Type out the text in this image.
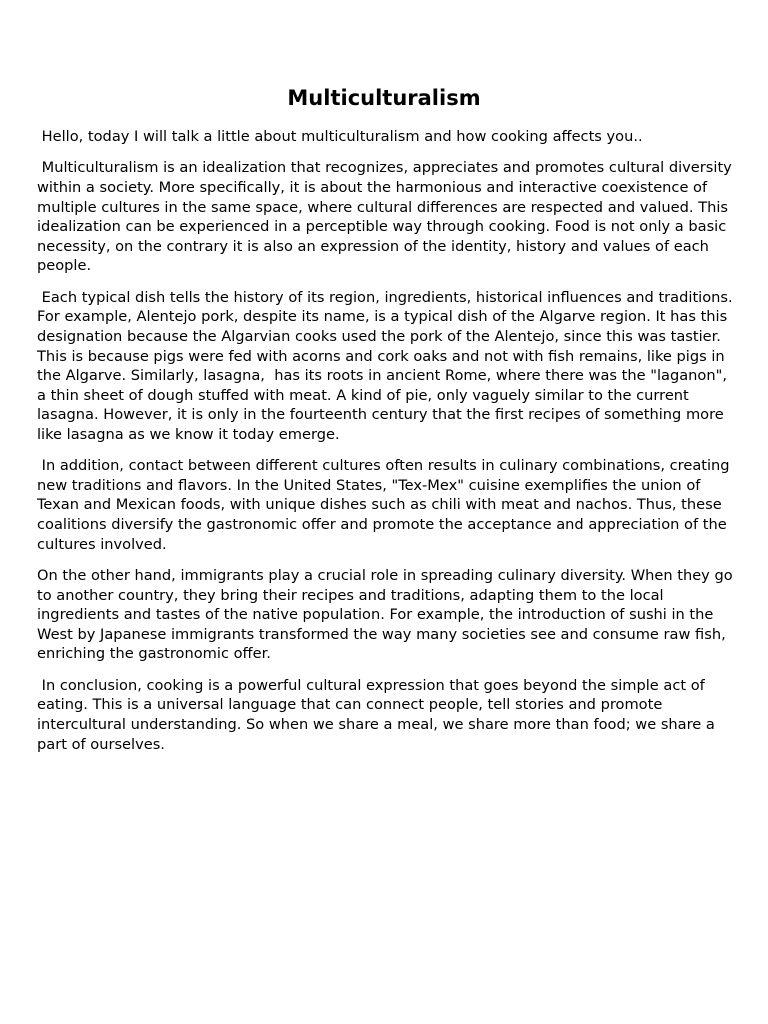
Multiculturalism

Hello, today I will talk a little about multiculturalism and how cooking affects you..

Multiculturalism is an idealization that recognizes, appreciates and promotes cultural diversity within a society. More specifically, it is about the harmonious and interactive coexistence of multiple cultures in the same space, where cultural differences are respected and valued. This idealization can be experienced in a perceptible way through cooking. Food is not only a basic necessity, on the contrary it is also an expression of the identity, history and values of each people.

Each typical dish tells the history of its region, ingredients, historical influences and traditions. For example, Alentejo pork, despite its name, is a typical dish of the Algarve region. It has this designation because the Algarvian cooks used the pork of the Alentejo, since this was tastier. This is because pigs were fed with acorns and cork oaks and not with fish remains, like pigs in the Algarve. Similarly, lasagna,  has its roots in ancient Rome, where there was the "laganon", a thin sheet of dough stuffed with meat. A kind of pie, only vaguely similar to the current lasagna. However, it is only in the fourteenth century that the first recipes of something more like lasagna as we know it today emerge.

In addition, contact between different cultures often results in culinary combinations, creating new traditions and flavors. In the United States, "Tex-Mex" cuisine exemplifies the union of Texan and Mexican foods, with unique dishes such as chili with meat and nachos. Thus, these coalitions diversify the gastronomic offer and promote the acceptance and appreciation of the cultures involved.

On the other hand, immigrants play a crucial role in spreading culinary diversity. When they go to another country, they bring their recipes and traditions, adapting them to the local ingredients and tastes of the native population. For example, the introduction of sushi in the West by Japanese immigrants transformed the way many societies see and consume raw fish, enriching the gastronomic offer.

In conclusion, cooking is a powerful cultural expression that goes beyond the simple act of eating. This is a universal language that can connect people, tell stories and promote intercultural understanding. So when we share a meal, we share more than food; we share a part of ourselves.
